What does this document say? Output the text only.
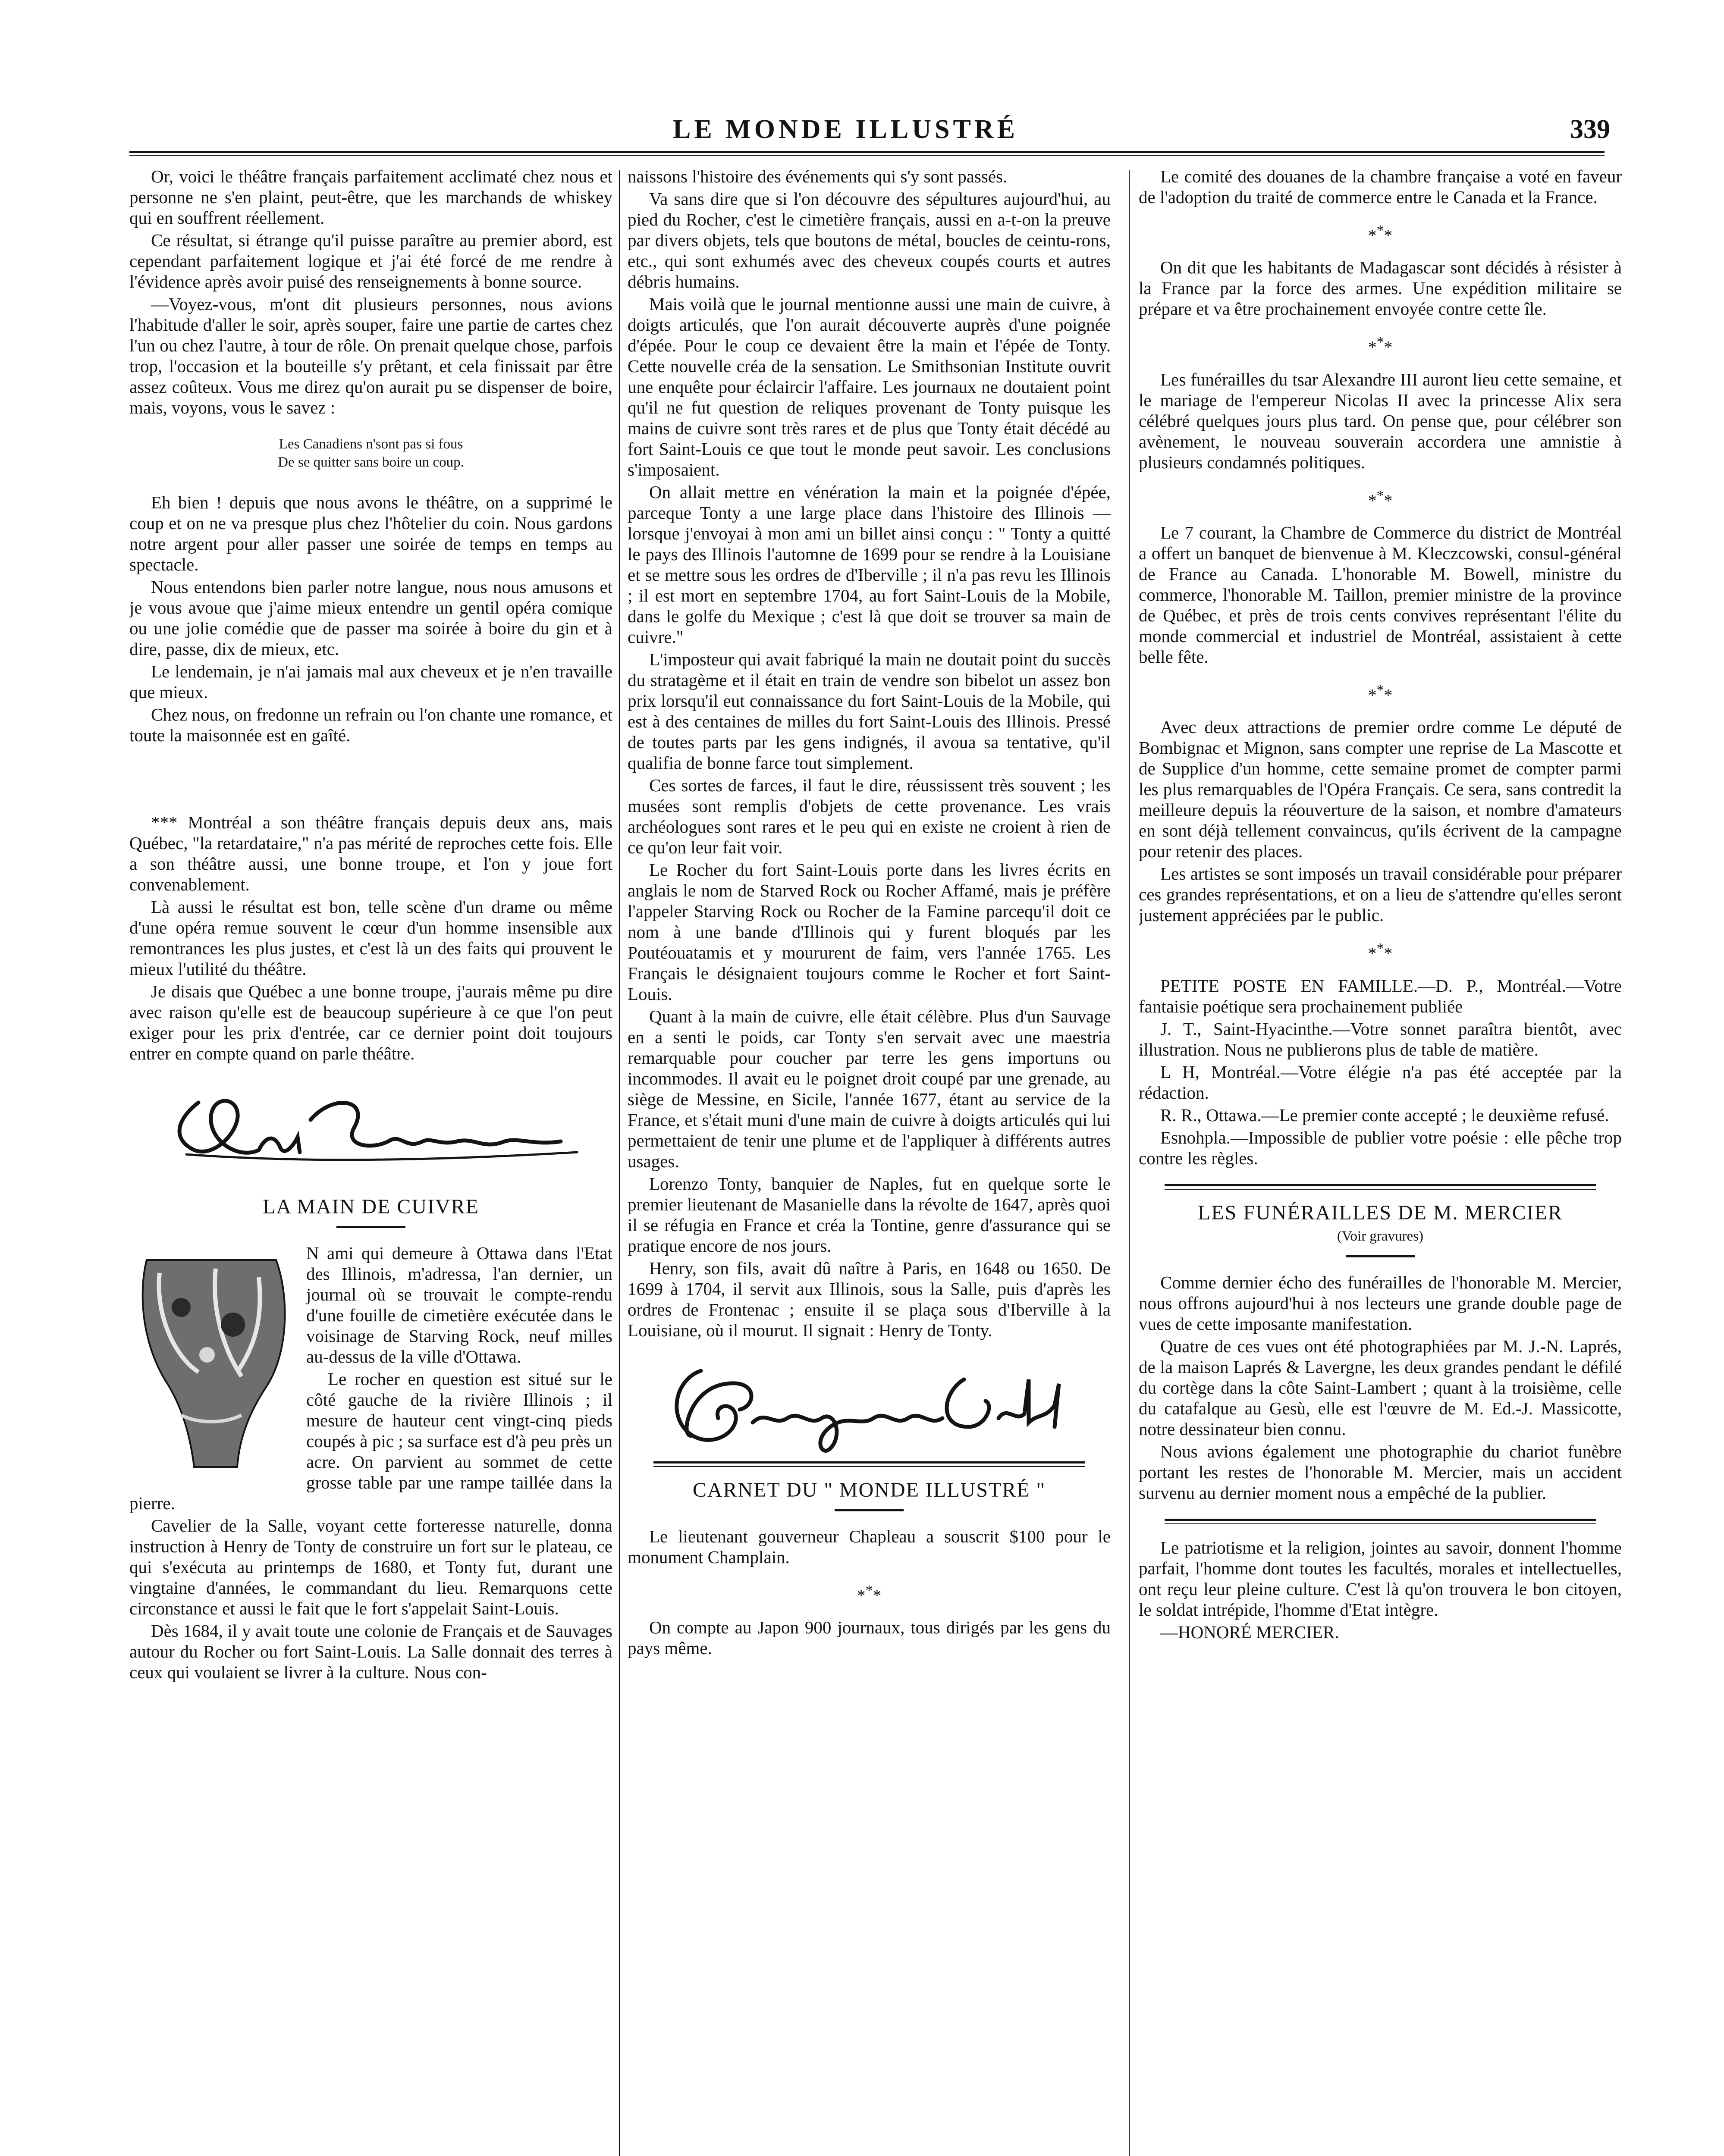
LE MONDE ILLUSTRÉ	339

Or, voici le théâtre français parfaitement acclimaté chez nous et personne ne s'en plaint, peut-être, que les marchands de whiskey qui en souffrent réellement.

Ce résultat, si étrange qu'il puisse paraître au premier abord, est cependant parfaitement logique et j'ai été forcé de me rendre à l'évidence après avoir puisé des renseignements à bonne source.

—Voyez-vous, m'ont dit plusieurs personnes, nous avions l'habitude d'aller le soir, après souper, faire une partie de cartes chez l'un ou chez l'autre, à tour de rôle. On prenait quelque chose, parfois trop, l'occasion et la bouteille s'y prêtant, et cela finissait par être assez coûteux. Vous me direz qu'on aurait pu se dispenser de boire, mais, voyons, vous le savez :

Les Canadiens n'sont pas si fous
De se quitter sans boire un coup.

Eh bien ! depuis que nous avons le théâtre, on a supprimé le coup et on ne va presque plus chez l'hôtelier du coin. Nous gardons notre argent pour aller passer une soirée de temps en temps au spectacle.

Nous entendons bien parler notre langue, nous nous amusons et je vous avoue que j'aime mieux entendre un gentil opéra comique ou une jolie comédie que de passer ma soirée à boire du gin et à dire, passe, dix de mieux, etc.

Le lendemain, je n'ai jamais mal aux cheveux et je n'en travaille que mieux.

Chez nous, on fredonne un refrain ou l'on chante une romance, et toute la maisonnée est en gaîté.

*** Montréal a son théâtre français depuis deux ans, mais Québec, "la retardataire," n'a pas mérité de reproches cette fois. Elle a son théâtre aussi, une bonne troupe, et l'on y joue fort convenablement.

Là aussi le résultat est bon, telle scène d'un drame ou même d'une opéra remue souvent le cœur d'un homme insensible aux remontrances les plus justes, et c'est là un des faits qui prouvent le mieux l'utilité du théâtre.

Je disais que Québec a une bonne troupe, j'aurais même pu dire avec raison qu'elle est de beaucoup supérieure à ce que l'on peut exiger pour les prix d'entrée, car ce dernier point doit toujours entrer en compte quand on parle théâtre.

LA MAIN DE CUIVRE

N ami qui demeure à Ottawa dans l'Etat des Illinois, m'adressa, l'an dernier, un journal où se trouvait le compte-rendu d'une fouille de cimetière exécutée dans le voisinage de Starving Rock, neuf milles au-dessus de la ville d'Ottawa.

Le rocher en question est situé sur le côté gauche de la rivière Illinois ; il mesure de hauteur cent vingt-cinq pieds coupés à pic ; sa surface est d'à peu près un acre. On parvient au sommet de cette grosse table par une rampe taillée dans la pierre.

Cavelier de la Salle, voyant cette forteresse naturelle, donna instruction à Henry de Tonty de construire un fort sur le plateau, ce qui s'exécuta au printemps de 1680, et Tonty fut, durant une vingtaine d'années, le commandant du lieu. Remarquons cette circonstance et aussi le fait que le fort s'appelait Saint-Louis.

Dès 1684, il y avait toute une colonie de Français et de Sauvages autour du Rocher ou fort Saint-Louis. La Salle donnait des terres à ceux qui voulaient se livrer à la culture. Nous con-

naissons l'histoire des événements qui s'y sont passés.

Va sans dire que si l'on découvre des sépultures aujourd'hui, au pied du Rocher, c'est le cimetière français, aussi en a-t-on la preuve par divers objets, tels que boutons de métal, boucles de ceintu-rons, etc., qui sont exhumés avec des cheveux coupés courts et autres débris humains.

Mais voilà que le journal mentionne aussi une main de cuivre, à doigts articulés, que l'on aurait découverte auprès d'une poignée d'épée. Pour le coup ce devaient être la main et l'épée de Tonty. Cette nouvelle créa de la sensation. Le Smithsonian Institute ouvrit une enquête pour éclaircir l'affaire. Les journaux ne doutaient point qu'il ne fut question de reliques provenant de Tonty puisque les mains de cuivre sont très rares et de plus que Tonty était décédé au fort Saint-Louis ce que tout le monde peut savoir. Les conclusions s'imposaient.

On allait mettre en vénération la main et la poignée d'épée, parceque Tonty a une large place dans l'histoire des Illinois — lorsque j'envoyai à mon ami un billet ainsi conçu : " Tonty a quitté le pays des Illinois l'automne de 1699 pour se rendre à la Louisiane et se mettre sous les ordres de d'Iberville ; il n'a pas revu les Illinois ; il est mort en septembre 1704, au fort Saint-Louis de la Mobile, dans le golfe du Mexique ; c'est là que doit se trouver sa main de cuivre."

L'imposteur qui avait fabriqué la main ne doutait point du succès du stratagème et il était en train de vendre son bibelot un assez bon prix lorsqu'il eut connaissance du fort Saint-Louis de la Mobile, qui est à des centaines de milles du fort Saint-Louis des Illinois. Pressé de toutes parts par les gens indignés, il avoua sa tentative, qu'il qualifia de bonne farce tout simplement.

Ces sortes de farces, il faut le dire, réussissent très souvent ; les musées sont remplis d'objets de cette provenance. Les vrais archéologues sont rares et le peu qui en existe ne croient à rien de ce qu'on leur fait voir.

Le Rocher du fort Saint-Louis porte dans les livres écrits en anglais le nom de Starved Rock ou Rocher Affamé, mais je préfère l'appeler Starving Rock ou Rocher de la Famine parcequ'il doit ce nom à une bande d'Illinois qui y furent bloqués par les Poutéouatamis et y moururent de faim, vers l'année 1765. Les Français le désignaient toujours comme le Rocher et fort Saint-Louis.

Quant à la main de cuivre, elle était célèbre. Plus d'un Sauvage en a senti le poids, car Tonty s'en servait avec une maestria remarquable pour coucher par terre les gens importuns ou incommodes. Il avait eu le poignet droit coupé par une grenade, au siège de Messine, en Sicile, l'année 1677, étant au service de la France, et s'était muni d'une main de cuivre à doigts articulés qui lui permettaient de tenir une plume et de l'appliquer à différents autres usages.

Lorenzo Tonty, banquier de Naples, fut en quelque sorte le premier lieutenant de Masanielle dans la révolte de 1647, après quoi il se réfugia en France et créa la Tontine, genre d'assurance qui se pratique encore de nos jours.

Henry, son fils, avait dû naître à Paris, en 1648 ou 1650. De 1699 à 1704, il servit aux Illinois, sous la Salle, puis d'après les ordres de Frontenac ; ensuite il se plaça sous d'Iberville à la Louisiane, où il mourut. Il signait : Henry de Tonty.

CARNET DU " MONDE ILLUSTRÉ "

Le lieutenant gouverneur Chapleau a souscrit $100 pour le monument Champlain.

***

On compte au Japon 900 journaux, tous dirigés par les gens du pays même.

Le comité des douanes de la chambre française a voté en faveur de l'adoption du traité de commerce entre le Canada et la France.

***

On dit que les habitants de Madagascar sont décidés à résister à la France par la force des armes. Une expédition militaire se prépare et va être prochainement envoyée contre cette île.

***

Les funérailles du tsar Alexandre III auront lieu cette semaine, et le mariage de l'empereur Nicolas II avec la princesse Alix sera célébré quelques jours plus tard. On pense que, pour célébrer son avènement, le nouveau souverain accordera une amnistie à plusieurs condamnés politiques.

***

Le 7 courant, la Chambre de Commerce du district de Montréal a offert un banquet de bienvenue à M. Kleczcowski, consul-général de France au Canada. L'honorable M. Bowell, ministre du commerce, l'honorable M. Taillon, premier ministre de la province de Québec, et près de trois cents convives représentant l'élite du monde commercial et industriel de Montréal, assistaient à cette belle fête.

***

Avec deux attractions de premier ordre comme Le député de Bombignac et Mignon, sans compter une reprise de La Mascotte et de Supplice d'un homme, cette semaine promet de compter parmi les plus remarquables de l'Opéra Français. Ce sera, sans contredit la meilleure depuis la réouverture de la saison, et nombre d'amateurs en sont déjà tellement convaincus, qu'ils écrivent de la campagne pour retenir des places.

Les artistes se sont imposés un travail considérable pour préparer ces grandes représentations, et on a lieu de s'attendre qu'elles seront justement appréciées par le public.

***

PETITE POSTE EN FAMILLE.—D. P., Montréal.—Votre fantaisie poétique sera prochainement publiée

J. T., Saint-Hyacinthe.—Votre sonnet paraîtra bientôt, avec illustration. Nous ne publierons plus de table de matière.

L H, Montréal.—Votre élégie n'a pas été acceptée par la rédaction.

R. R., Ottawa.—Le premier conte accepté ; le deuxième refusé.

Esnohpla.—Impossible de publier votre poésie : elle pêche trop contre les règles.

LES FUNÉRAILLES DE M. MERCIER
(Voir gravures)

Comme dernier écho des funérailles de l'honorable M. Mercier, nous offrons aujourd'hui à nos lecteurs une grande double page de vues de cette imposante manifestation.

Quatre de ces vues ont été photographiées par M. J.-N. Laprés, de la maison Laprés & Lavergne, les deux grandes pendant le défilé du cortège dans la côte Saint-Lambert ; quant à la troisième, celle du catafalque au Gesù, elle est l'œuvre de M. Ed.-J. Massicotte, notre dessinateur bien connu.

Nous avions également une photographie du chariot funèbre portant les restes de l'honorable M. Mercier, mais un accident survenu au dernier moment nous a empêché de la publier.

Le patriotisme et la religion, jointes au savoir, donnent l'homme parfait, l'homme dont toutes les facultés, morales et intellectuelles, ont reçu leur pleine culture. C'est là qu'on trouvera le bon citoyen, le soldat intrépide, l'homme d'Etat intègre.

—HONORÉ MERCIER.
